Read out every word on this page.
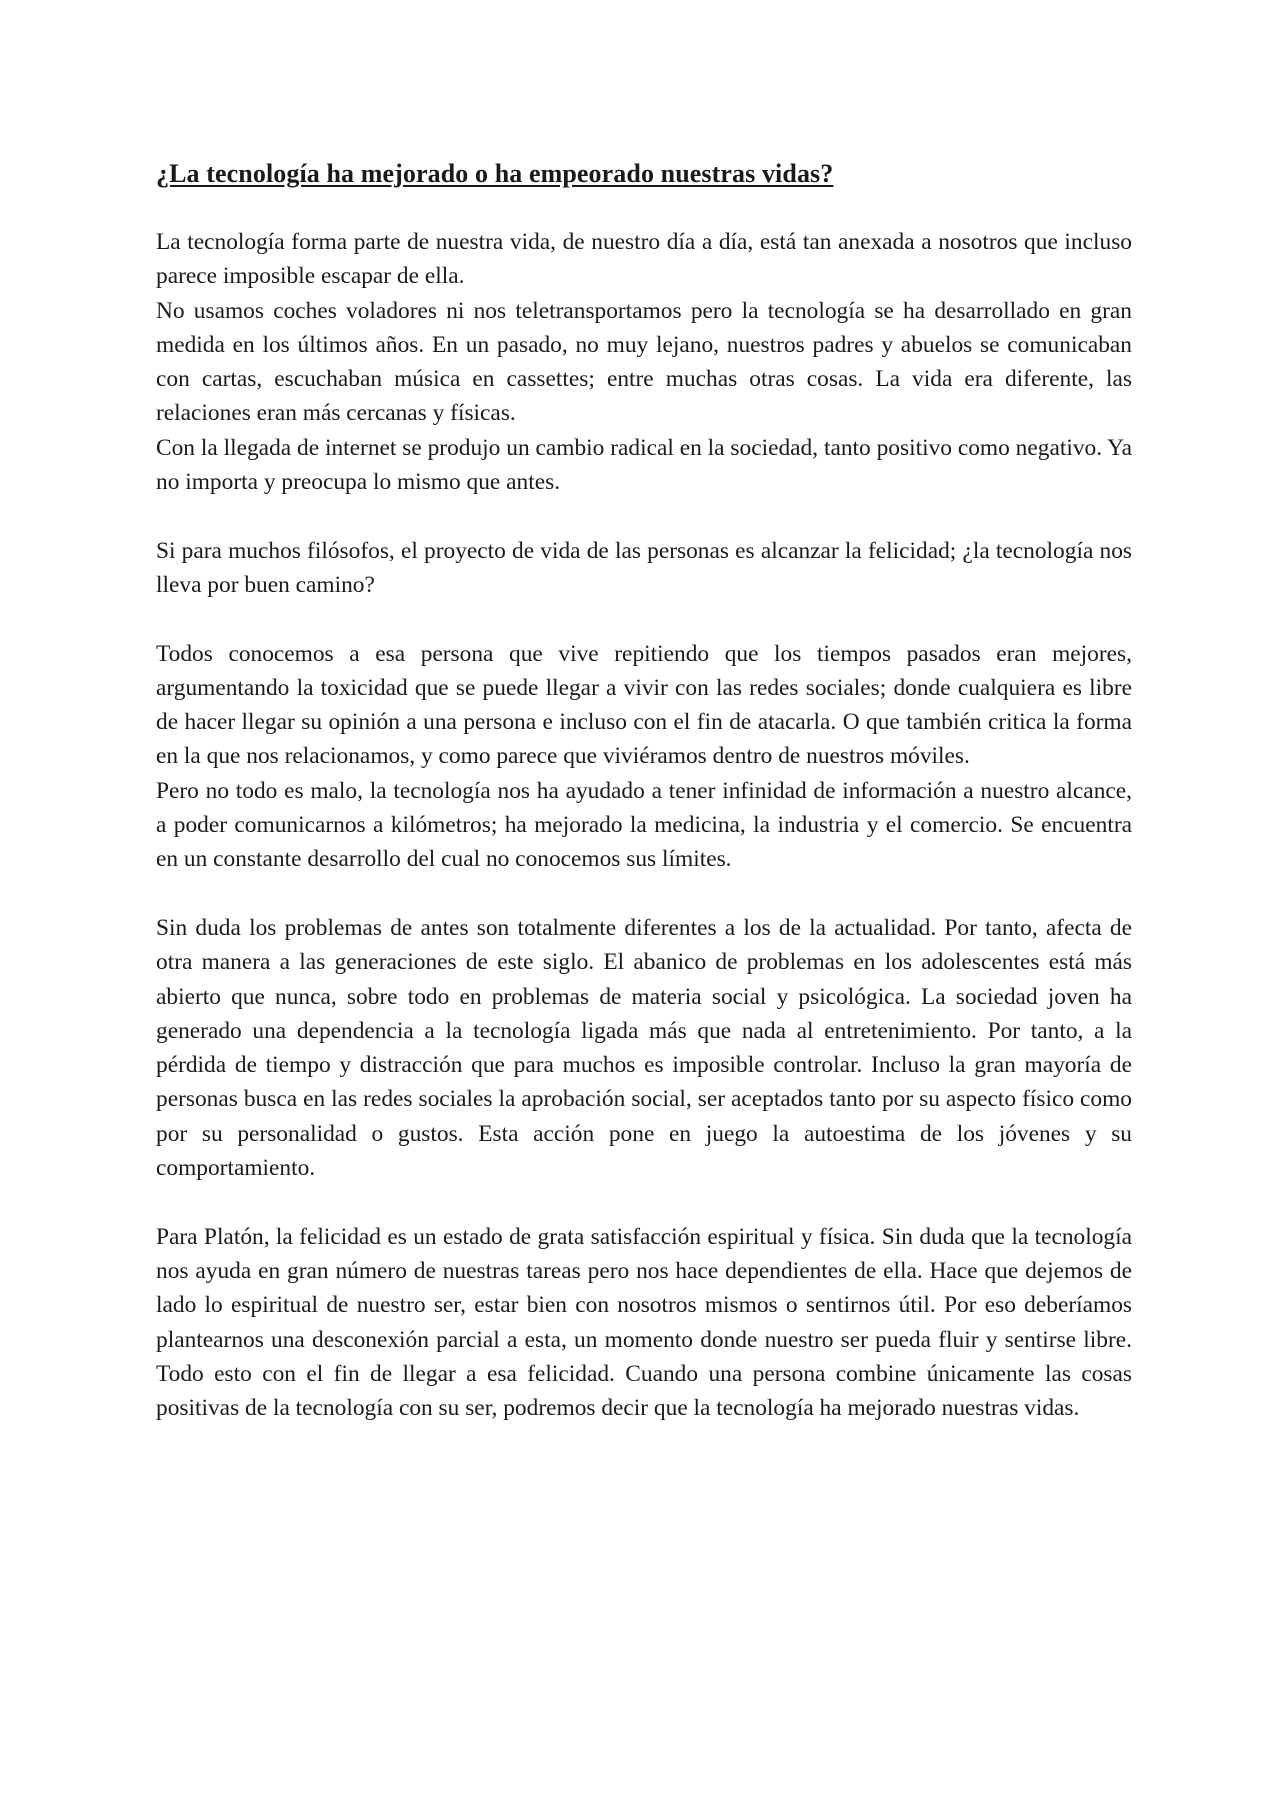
¿La tecnología ha mejorado o ha empeorado nuestras vidas?

La tecnología forma parte de nuestra vida, de nuestro día a día, está tan anexada a nosotros que incluso parece imposible escapar de ella.

No usamos coches voladores ni nos teletransportamos pero la tecnología se ha desarrollado en gran medida en los últimos años. En un pasado, no muy lejano, nuestros padres y abuelos se comunicaban con cartas, escuchaban música en cassettes; entre muchas otras cosas. La vida era diferente, las relaciones eran más cercanas y físicas.

Con la llegada de internet se produjo un cambio radical en la sociedad, tanto positivo como negativo. Ya no importa y preocupa lo mismo que antes.

Si para muchos filósofos, el proyecto de vida de las personas es alcanzar la felicidad; ¿la tecnología nos lleva por buen camino?

Todos conocemos a esa persona que vive repitiendo que los tiempos pasados eran mejores, argumentando la toxicidad que se puede llegar a vivir con las redes sociales; donde cualquiera es libre de hacer llegar su opinión a una persona e incluso con el fin de atacarla. O que también critica la forma en la que nos relacionamos, y como parece que viviéramos dentro de nuestros móviles.

Pero no todo es malo, la tecnología nos ha ayudado a tener infinidad de información a nuestro alcance, a poder comunicarnos a kilómetros; ha mejorado la medicina, la industria y el comercio. Se encuentra en un constante desarrollo del cual no conocemos sus límites.

Sin duda los problemas de antes son totalmente diferentes a los de la actualidad. Por tanto, afecta de otra manera a las generaciones de este siglo. El abanico de problemas en los adolescentes está más abierto que nunca, sobre todo en problemas de materia social y psicológica. La sociedad joven ha generado una dependencia a la tecnología ligada más que nada al entretenimiento. Por tanto, a la pérdida de tiempo y distracción que para muchos es imposible controlar. Incluso la gran mayoría de personas busca en las redes sociales la aprobación social, ser aceptados tanto por su aspecto físico como por su personalidad o gustos. Esta acción pone en juego la autoestima de los jóvenes y su comportamiento.

Para Platón, la felicidad es un estado de grata satisfacción espiritual y física. Sin duda que la tecnología nos ayuda en gran número de nuestras tareas pero nos hace dependientes de ella. Hace que dejemos de lado lo espiritual de nuestro ser, estar bien con nosotros mismos o sentirnos útil. Por eso deberíamos plantearnos una desconexión parcial a esta, un momento donde nuestro ser pueda fluir y sentirse libre. Todo esto con el fin de llegar a esa felicidad. Cuando una persona combine únicamente las cosas positivas de la tecnología con su ser, podremos decir que la tecnología ha mejorado nuestras vidas.
